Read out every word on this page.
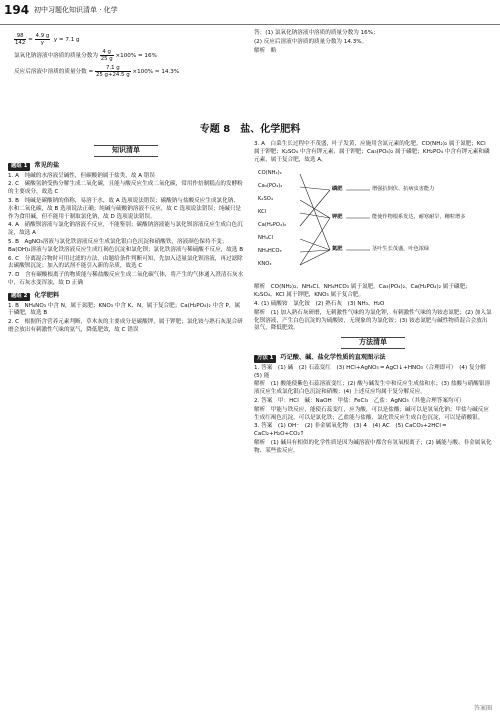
194 初中习题化知识清单 · 化学
$\frac{98}{142} = \frac{4.9 g}{y}$ y = 7.1 g
氯氧化钠溶液中溶质的质量分数为 $\frac{4 g}{25 g} \times 100\% = 16\%$
反应后溶液中溶质的质量分数 = $\frac{7.1 g}{25 g+24.5 g} \times 100\% \approx 14.3\%$

答：(1) 氯氧化钠溶液中溶质的质量分数为 16%；

(2) 反应后溶液中溶质的质量分数为 14.3%。

解析　略

专题 8　盐、化学肥料
知识清单
题组 1 常见的盐

1. A　纯碱的水溶液呈碱性，但碳酸钠属于盐类，故 A 错误

2. C　碳酸氢钠受热分解生成二氧化碳，且能与酸反应生成二氧化碳，常用作焙制糕点的发酵粉的主要成分，故选 C

3. B　纯碱是碳酸钠的俗称，易溶于水，故 A 选项说法错误；碳酸钠与盐酸反应生成氯化钠、水和二氧化碳，故 B 选项说法正确；纯碱与硫酸钠溶液不反应，故 C 选项说法错误；纯碱只是作为食用碱，但不能用于制取氯化钠，故 D 选项说法错误。

4. A　硝酸钡溶液与氯化钠溶液不反应，不能鉴别；碳酸钠溶液能与氯化钡溶液反应生成白色沉淀，故选 A

5. B　AgNO₃溶液与氯化铁溶液反应生成氯化银白色沉淀和硝酸铁，溶液颜色保持不变；Ba(OH)₂溶液与氯化铁溶液反应生成红褐色沉淀和氯化钡；氯化铁溶液与稀硫酸不反应，故选 B

6. C　分离混合物时可用过滤的方法，由题给条件判断可知，先加入适量氯化钡溶液，再过滤除去碳酸钡沉淀；加入的试剂不能引入新的杂质，故选 C

7. D　含有碳酸根离子的物质能与稀盐酸反应生成二氧化碳气体，将产生的气体通入澄清石灰水中，石灰水变浑浊，故 D 正确

题组 2 化学肥料

1. B　NH₄NO₃ 中含 N，属于氮肥；KNO₃ 中含 K、N，属于复合肥；Ca(H₂PO₄)₂ 中含 P，属于磷肥，故选 B

2. C　根据所含营养元素判断，草木灰的主要成分是碳酸钾，属于钾肥；氯化铵与熟石灰混合研磨会放出有刺激性气味的氨气，降低肥效，故 C 错误

3. A　白菜生长过程中不茂盛，叶子发黄，应施用含氮元素的化肥。CO(NH₂)₂ 属于氮肥；KCl 属于钾肥；K₂SO₄ 中含有钾元素，属于钾肥；Ca₃(PO₄)₂ 属于磷肥；KH₂PO₄ 中含有钾元素和磷元素，属于复合肥，故选 A。

CO(NH₂)₂
Ca₃(PO₄)₂
K₂SO₄
KCl
Ca(H₂PO₄)₂
NH₄Cl
NH₄HCO₃
KNO₃
磷肥
钾肥
氮肥
增强抗倒伏、抗病虫害能力
能使作物根系发达，耐寒耐旱，穗粒增多
茎叶生长茂盛，叶色浓绿

解析　CO(NH₂)₂、NH₄Cl、NH₄HCO₃ 属于氮肥，Ca₃(PO₄)₂、Ca(H₂PO₄)₂ 属于磷肥；K₂SO₄、KCl 属于钾肥，KNO₃ 属于复合肥。

4. (1) 硫酸铵　氯化铵　(2) 熟石灰　(3) NH₃、H₂O

解析　(1) 加入熟石灰研磨，无刺激性气味的为氯化钾，有刺激性气味的为铵态氮肥；(2) 加入氯化钡溶液，产生白色沉淀的为硫酸铵，无现象的为氯化铵；(3) 铵态氮肥与碱性物质混合会放出氨气，降低肥效。

方法清单
方法 1 巧记酸、碱、盐化学性质的直观图示法

1. 答案　(1) 碱　(2) 石蕊变红　(3) HCl+AgNO₃ ═ AgCl↓+HNO₃（合理即可）　(4) 复分解　(5) 能

解析　(1) 酸能使紫色石蕊溶液变红；(2) 酸与碱发生中和反应生成盐和水；(3) 盐酸与硝酸银溶液反应生成氯化银白色沉淀和硝酸；(4) 上述反应均属于复分解反应。

2. 答案　甲：HCl　碱：NaOH　甲盐：FeCl₃　乙盐：AgNO₃（其他合理答案均可）

解析　甲能与铁反应，能使石蕊变红，应为酸，可以是盐酸；碱可以是氢氧化钠；甲盐与碱反应生成红褐色沉淀，可以是氯化铁；乙盐能与盐酸、氯化铁反应生成白色沉淀，可以是硝酸银。

3. 答案　(1) OH⁻　(2) 非金属氧化物　(3) 4　(4) AC　(5) CaCO₃+2HCl ═ CaCl₂+H₂O+CO₂↑

解析　(1) 碱具有相似的化学性质是因为碱溶液中都含有氢氧根离子；(2) 碱能与酸、非金属氧化物、某些盐反应。

答案圈
